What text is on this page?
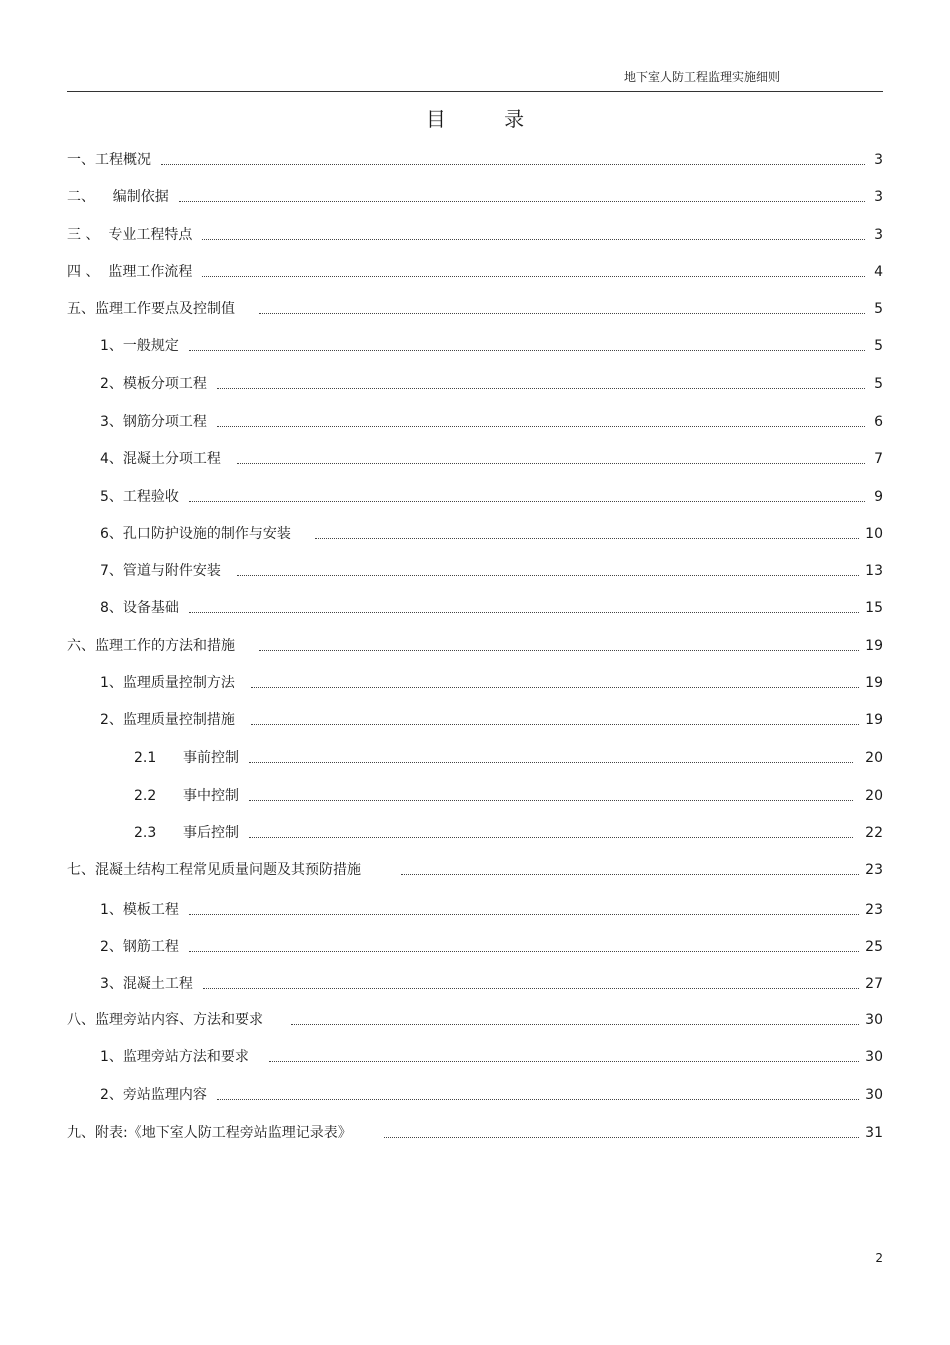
地下室人防工程监理实施细则
目 录
一、工程概况	3
二、    编制依据	3
三 、  专业工程特点	3
四 、  监理工作流程	4
五、监理工作要点及控制值	5
1、一般规定	5
2、模板分项工程	5
3、钢筋分项工程	6
4、混凝土分项工程	7
5、工程验收	9
6、孔口防护设施的制作与安装	10
7、管道与附件安装	13
8、设备基础	15
六、监理工作的方法和措施	19
1、监理质量控制方法	19
2、监理质量控制措施	19
2.1      事前控制	20
2.2      事中控制	20
2.3      事后控制	22
七、混凝土结构工程常见质量问题及其预防措施	23
1、模板工程	23
2、钢筋工程	25
3、混凝土工程	27
八、监理旁站内容、方法和要求	30
1、监理旁站方法和要求	30
2、旁站监理内容	30
九、附表:《地下室人防工程旁站监理记录表》	31
2
